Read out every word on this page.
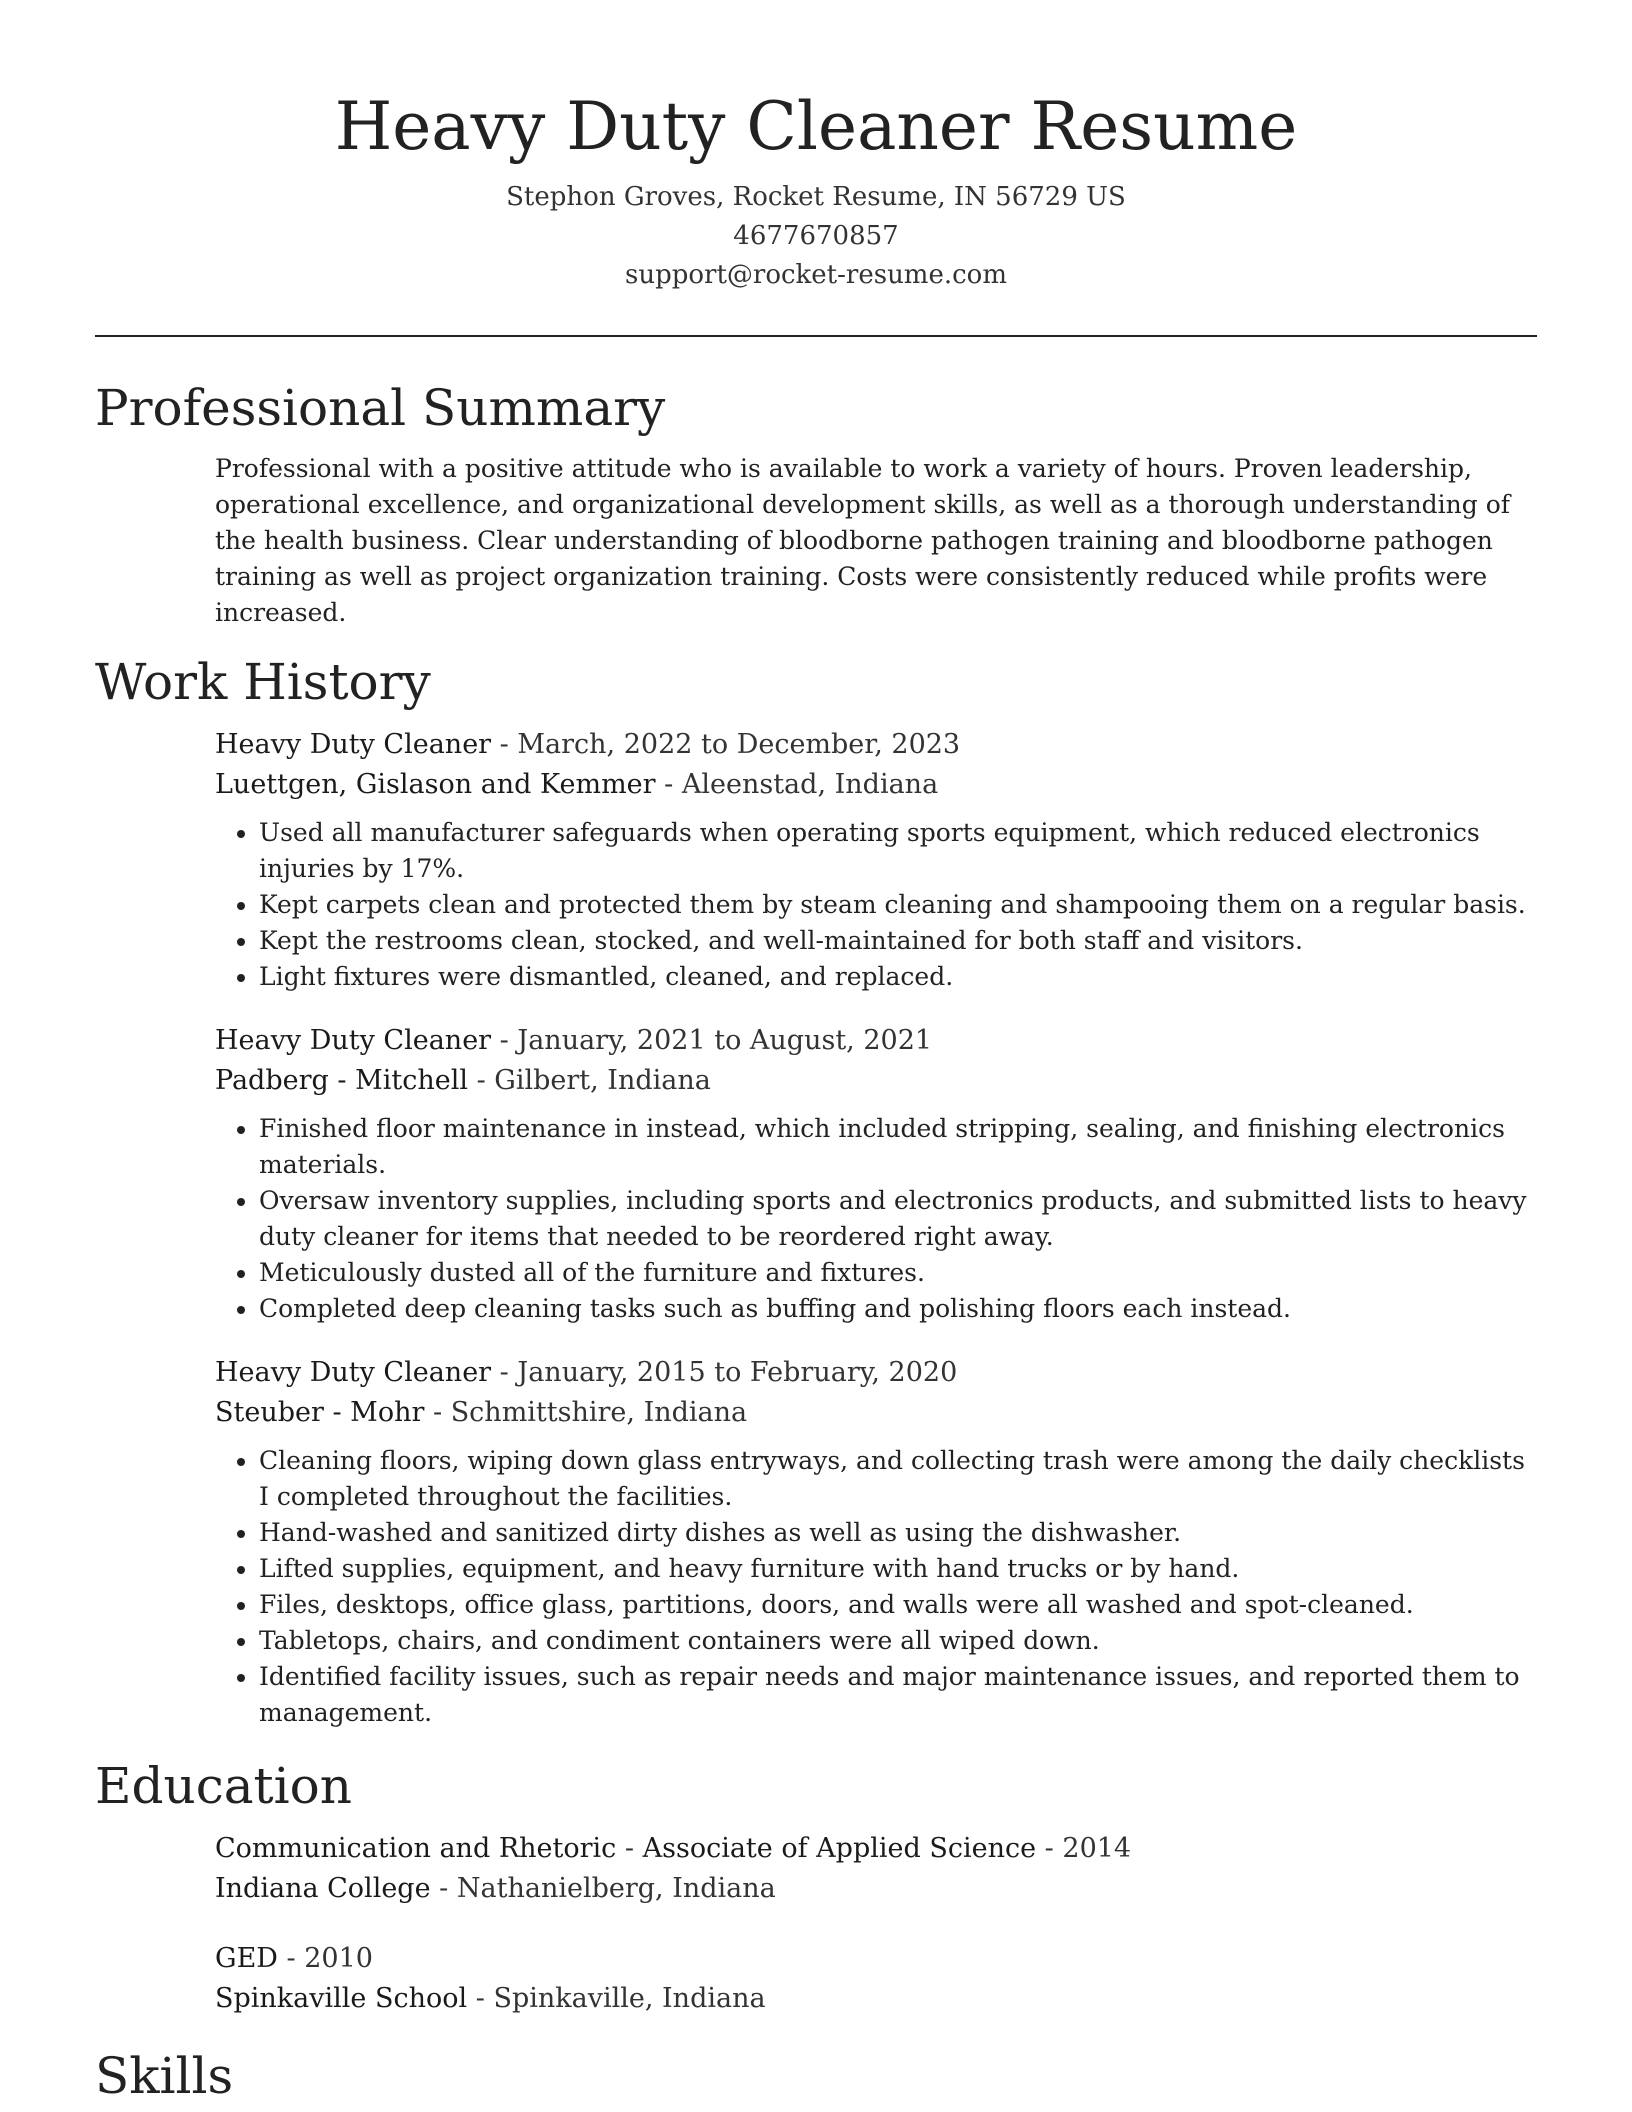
Heavy Duty Cleaner Resume
Stephon Groves, Rocket Resume, IN 56729 US
4677670857
support@rocket-resume.com
Professional Summary
Professional with a positive attitude who is available to work a variety of hours. Proven leadership, operational excellence, and organizational development skills, as well as a thorough understanding of the health business. Clear understanding of bloodborne pathogen training and bloodborne pathogen training as well as project organization training. Costs were consistently reduced while profits were increased.
Work History
Heavy Duty Cleaner - March, 2022 to December, 2023
Luettgen, Gislason and Kemmer - Aleenstad, Indiana
• Used all manufacturer safeguards when operating sports equipment, which reduced electronics injuries by 17%.
• Kept carpets clean and protected them by steam cleaning and shampooing them on a regular basis.
• Kept the restrooms clean, stocked, and well-maintained for both staff and visitors.
• Light fixtures were dismantled, cleaned, and replaced.
Heavy Duty Cleaner - January, 2021 to August, 2021
Padberg - Mitchell - Gilbert, Indiana
• Finished floor maintenance in instead, which included stripping, sealing, and finishing electronics materials.
• Oversaw inventory supplies, including sports and electronics products, and submitted lists to heavy duty cleaner for items that needed to be reordered right away.
• Meticulously dusted all of the furniture and fixtures.
• Completed deep cleaning tasks such as buffing and polishing floors each instead.
Heavy Duty Cleaner - January, 2015 to February, 2020
Steuber - Mohr - Schmittshire, Indiana
• Cleaning floors, wiping down glass entryways, and collecting trash were among the daily checklists I completed throughout the facilities.
• Hand-washed and sanitized dirty dishes as well as using the dishwasher.
• Lifted supplies, equipment, and heavy furniture with hand trucks or by hand.
• Files, desktops, office glass, partitions, doors, and walls were all washed and spot-cleaned.
• Tabletops, chairs, and condiment containers were all wiped down.
• Identified facility issues, such as repair needs and major maintenance issues, and reported them to management.
Education
Communication and Rhetoric - Associate of Applied Science - 2014
Indiana College - Nathanielberg, Indiana
GED - 2010
Spinkaville School - Spinkaville, Indiana
Skills
